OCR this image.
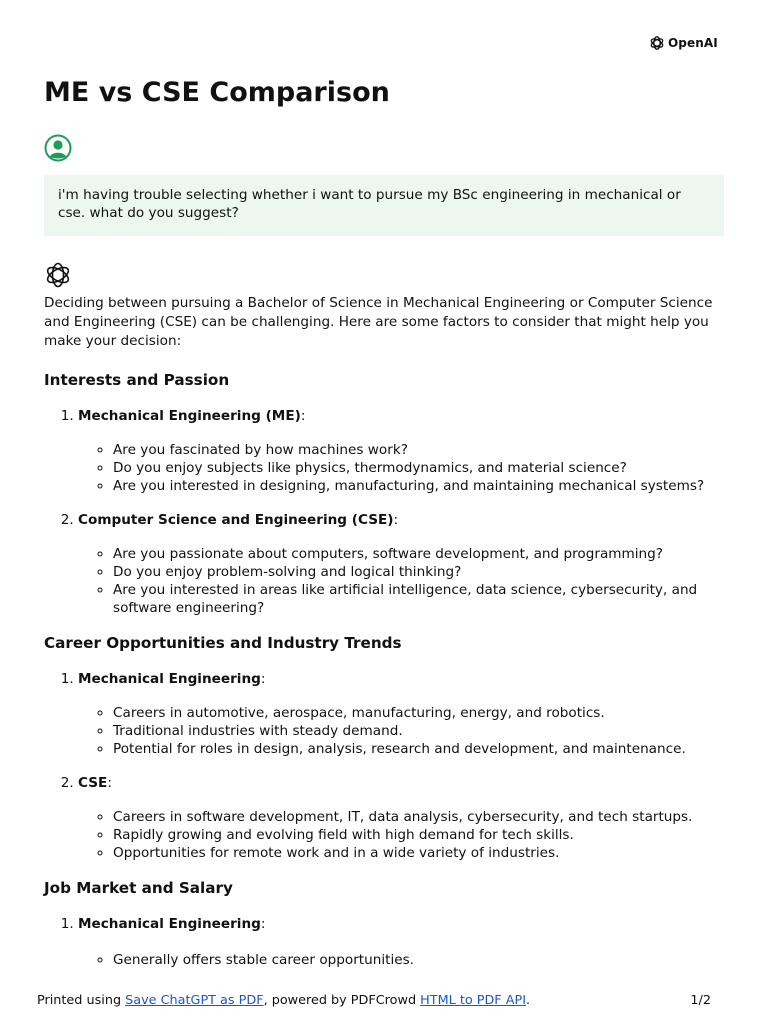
OpenAI
ME vs CSE Comparison
i'm having trouble selecting whether i want to pursue my BSc engineering in mechanical or cse. what do you suggest?

Deciding between pursuing a Bachelor of Science in Mechanical Engineering or Computer Science and Engineering (CSE) can be challenging. Here are some factors to consider that might help you make your decision:

Interests and Passion
1. Mechanical Engineering (ME):
◦ Are you fascinated by how machines work?
◦ Do you enjoy subjects like physics, thermodynamics, and material science?
◦ Are you interested in designing, manufacturing, and maintaining mechanical systems?
2. Computer Science and Engineering (CSE):
◦ Are you passionate about computers, software development, and programming?
◦ Do you enjoy problem-solving and logical thinking?
◦ Are you interested in areas like artificial intelligence, data science, cybersecurity, and software engineering?
Career Opportunities and Industry Trends
1. Mechanical Engineering:
◦ Careers in automotive, aerospace, manufacturing, energy, and robotics.
◦ Traditional industries with steady demand.
◦ Potential for roles in design, analysis, research and development, and maintenance.
2. CSE:
◦ Careers in software development, IT, data analysis, cybersecurity, and tech startups.
◦ Rapidly growing and evolving field with high demand for tech skills.
◦ Opportunities for remote work and in a wide variety of industries.
Job Market and Salary
1. Mechanical Engineering:
◦ Generally offers stable career opportunities.
Printed using Save ChatGPT as PDF, powered by PDFCrowd HTML to PDF API.	1/2
